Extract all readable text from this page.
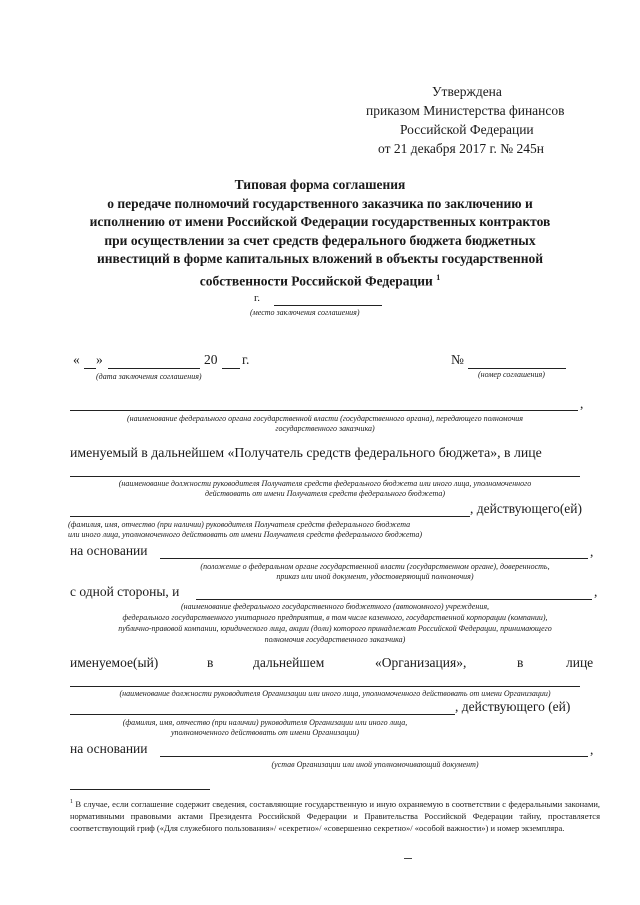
Утверждена
приказом Министерства финансов
Российской Федерации
от 21 декабря 2017 г. № 245н
Типовая форма соглашения
о передаче полномочий государственного заказчика по заключению и
исполнению от имени Российской Федерации государственных контрактов
при осуществлении за счет средств федерального бюджета бюджетных
инвестиций в форме капитальных вложений в объекты государственной
собственности Российской Федерации $^1$
г.
(место заключения соглашения)
« »	20 г.
(дата заключения соглашения)
№
(номер соглашения)
,
(наименование федерального органа государственной власти (государственного органа), передающего полномочия
государственного заказчика)
именуемый в дальнейшем «Получатель средств федерального бюджета», в лице
(наименование должности руководителя Получателя средств федерального бюджета или иного лица, уполномоченного
действовать от имени Получателя средств федерального бюджета)
, действующего(ей)
(фамилия, имя, отчество (при наличии) руководителя Получателя средств федерального бюджета
или иного лица, уполномоченного действовать от имени Получателя средств федерального бюджета)
на основании	,
(положение о федеральном органе государственной власти (государственном органе), доверенность,
приказ или иной документ, удостоверяющий полномочия)
с одной стороны, и	,
(наименование федерального государственного бюджетного (автономного) учреждения,
федерального государственного унитарного предприятия, в том числе казенного, государственной корпорации (компании),
публично-правовой компании, юридического лица, акции (доли) которого принадлежат Российской Федерации, принимающего
полномочия государственного заказчика)
именуемое(ый)	в	дальнейшем	«Организация»,	в	лице
(наименование должности руководителя Организации или иного лица, уполномоченного действовать от имени Организации)
, действующего (ей)
(фамилия, имя, отчество (при наличии) руководителя Организации или иного лица,
уполномоченного действовать от имени Организации)
на основании	,
(устав Организации или иной уполномочивающий документ)
$^1$ В случае, если соглашение содержит сведения, составляющие государственную и иную охраняемую в соответствии с федеральными законами, нормативными правовыми актами Президента Российской Федерации и Правительства Российской Федерации тайну, проставляется соответствующий гриф («Для служебного пользования»/ «секретно»/ «совершенно секретно»/ «особой важности») и номер экземпляра.
